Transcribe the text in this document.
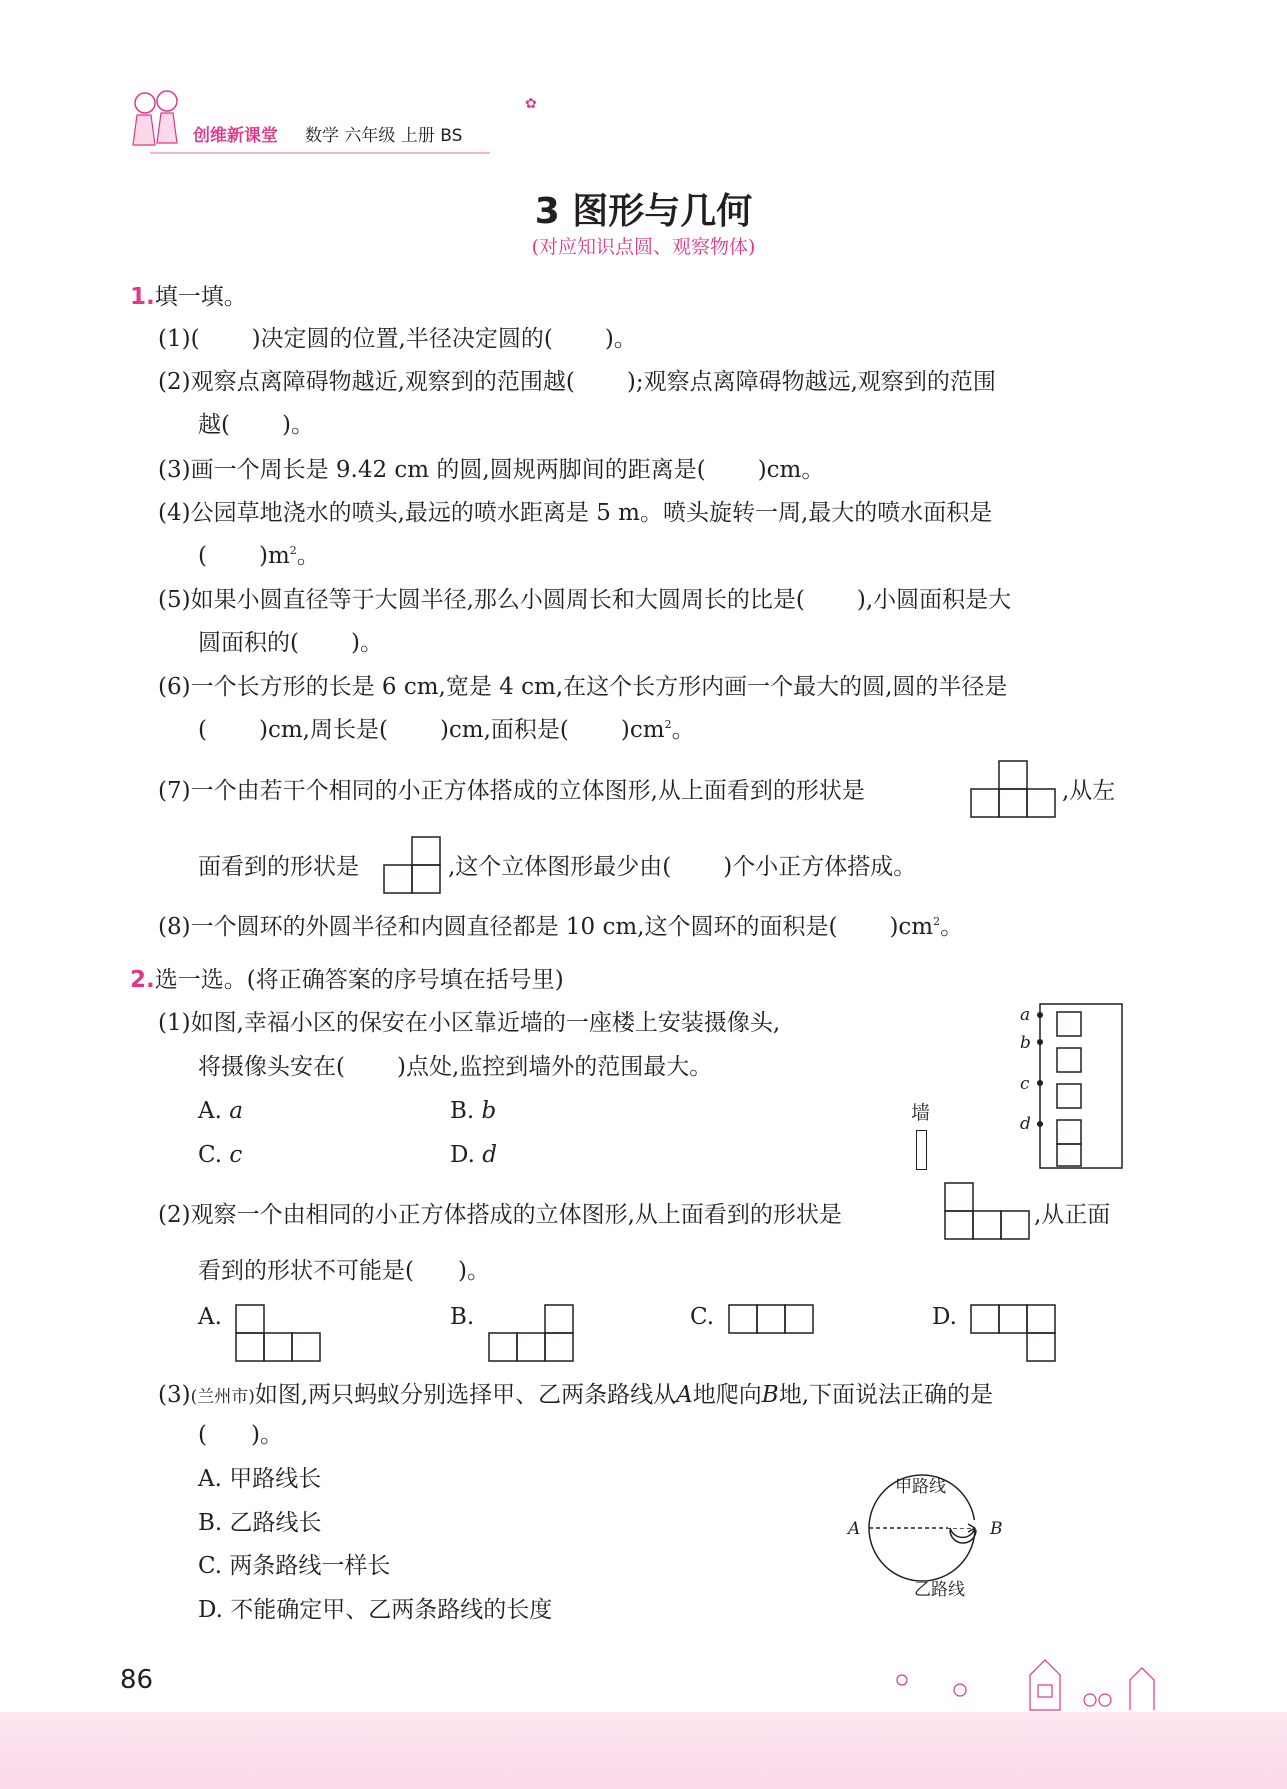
创维新课堂 数学 六年级 上册 BS
✿
3 图形与几何
(对应知识点圆、观察物体)
1.填一填。
(1)( )决定圆的位置,半径决定圆的( )。
(2)观察点离障碍物越近,观察到的范围越( );观察点离障碍物越远,观察到的范围
越( )。
(3)画一个周长是 9.42 cm 的圆,圆规两脚间的距离是( )cm。
(4)公园草地浇水的喷头,最远的喷水距离是 5 m。喷头旋转一周,最大的喷水面积是
( )$m^2$。
(5)如果小圆直径等于大圆半径,那么小圆周长和大圆周长的比是( ),小圆面积是大
圆面积的( )。
(6)一个长方形的长是 6 cm,宽是 4 cm,在这个长方形内画一个最大的圆,圆的半径是
( )cm,周长是( )cm,面积是( )$cm^2$。
(7)一个由若干个相同的小正方体搭成的立体图形,从上面看到的形状是	,从左
面看到的形状是	,这个立体图形最少由( )个小正方体搭成。
(8)一个圆环的外圆半径和内圆直径都是 10 cm,这个圆环的面积是( )$cm^2$。
2.选一选。(将正确答案的序号填在括号里)
(1)如图,幸福小区的保安在小区靠近墙的一座楼上安装摄像头,
将摄像头安在( )点处,监控到墙外的范围最大。
A. a	B. b
C. c	D. d
a
b
c
d
墙
(2)观察一个由相同的小正方体搭成的立体图形,从上面看到的形状是	,从正面
看到的形状不可能是( )。
A.	B.	C.	D.
(3)(兰州市)如图,两只蚂蚁分别选择甲、乙两条路线从A地爬向B地,下面说法正确的是
( )。
A. 甲路线长
B. 乙路线长
C. 两条路线一样长
D. 不能确定甲、乙两条路线的长度
甲路线
乙路线
A	B
86
